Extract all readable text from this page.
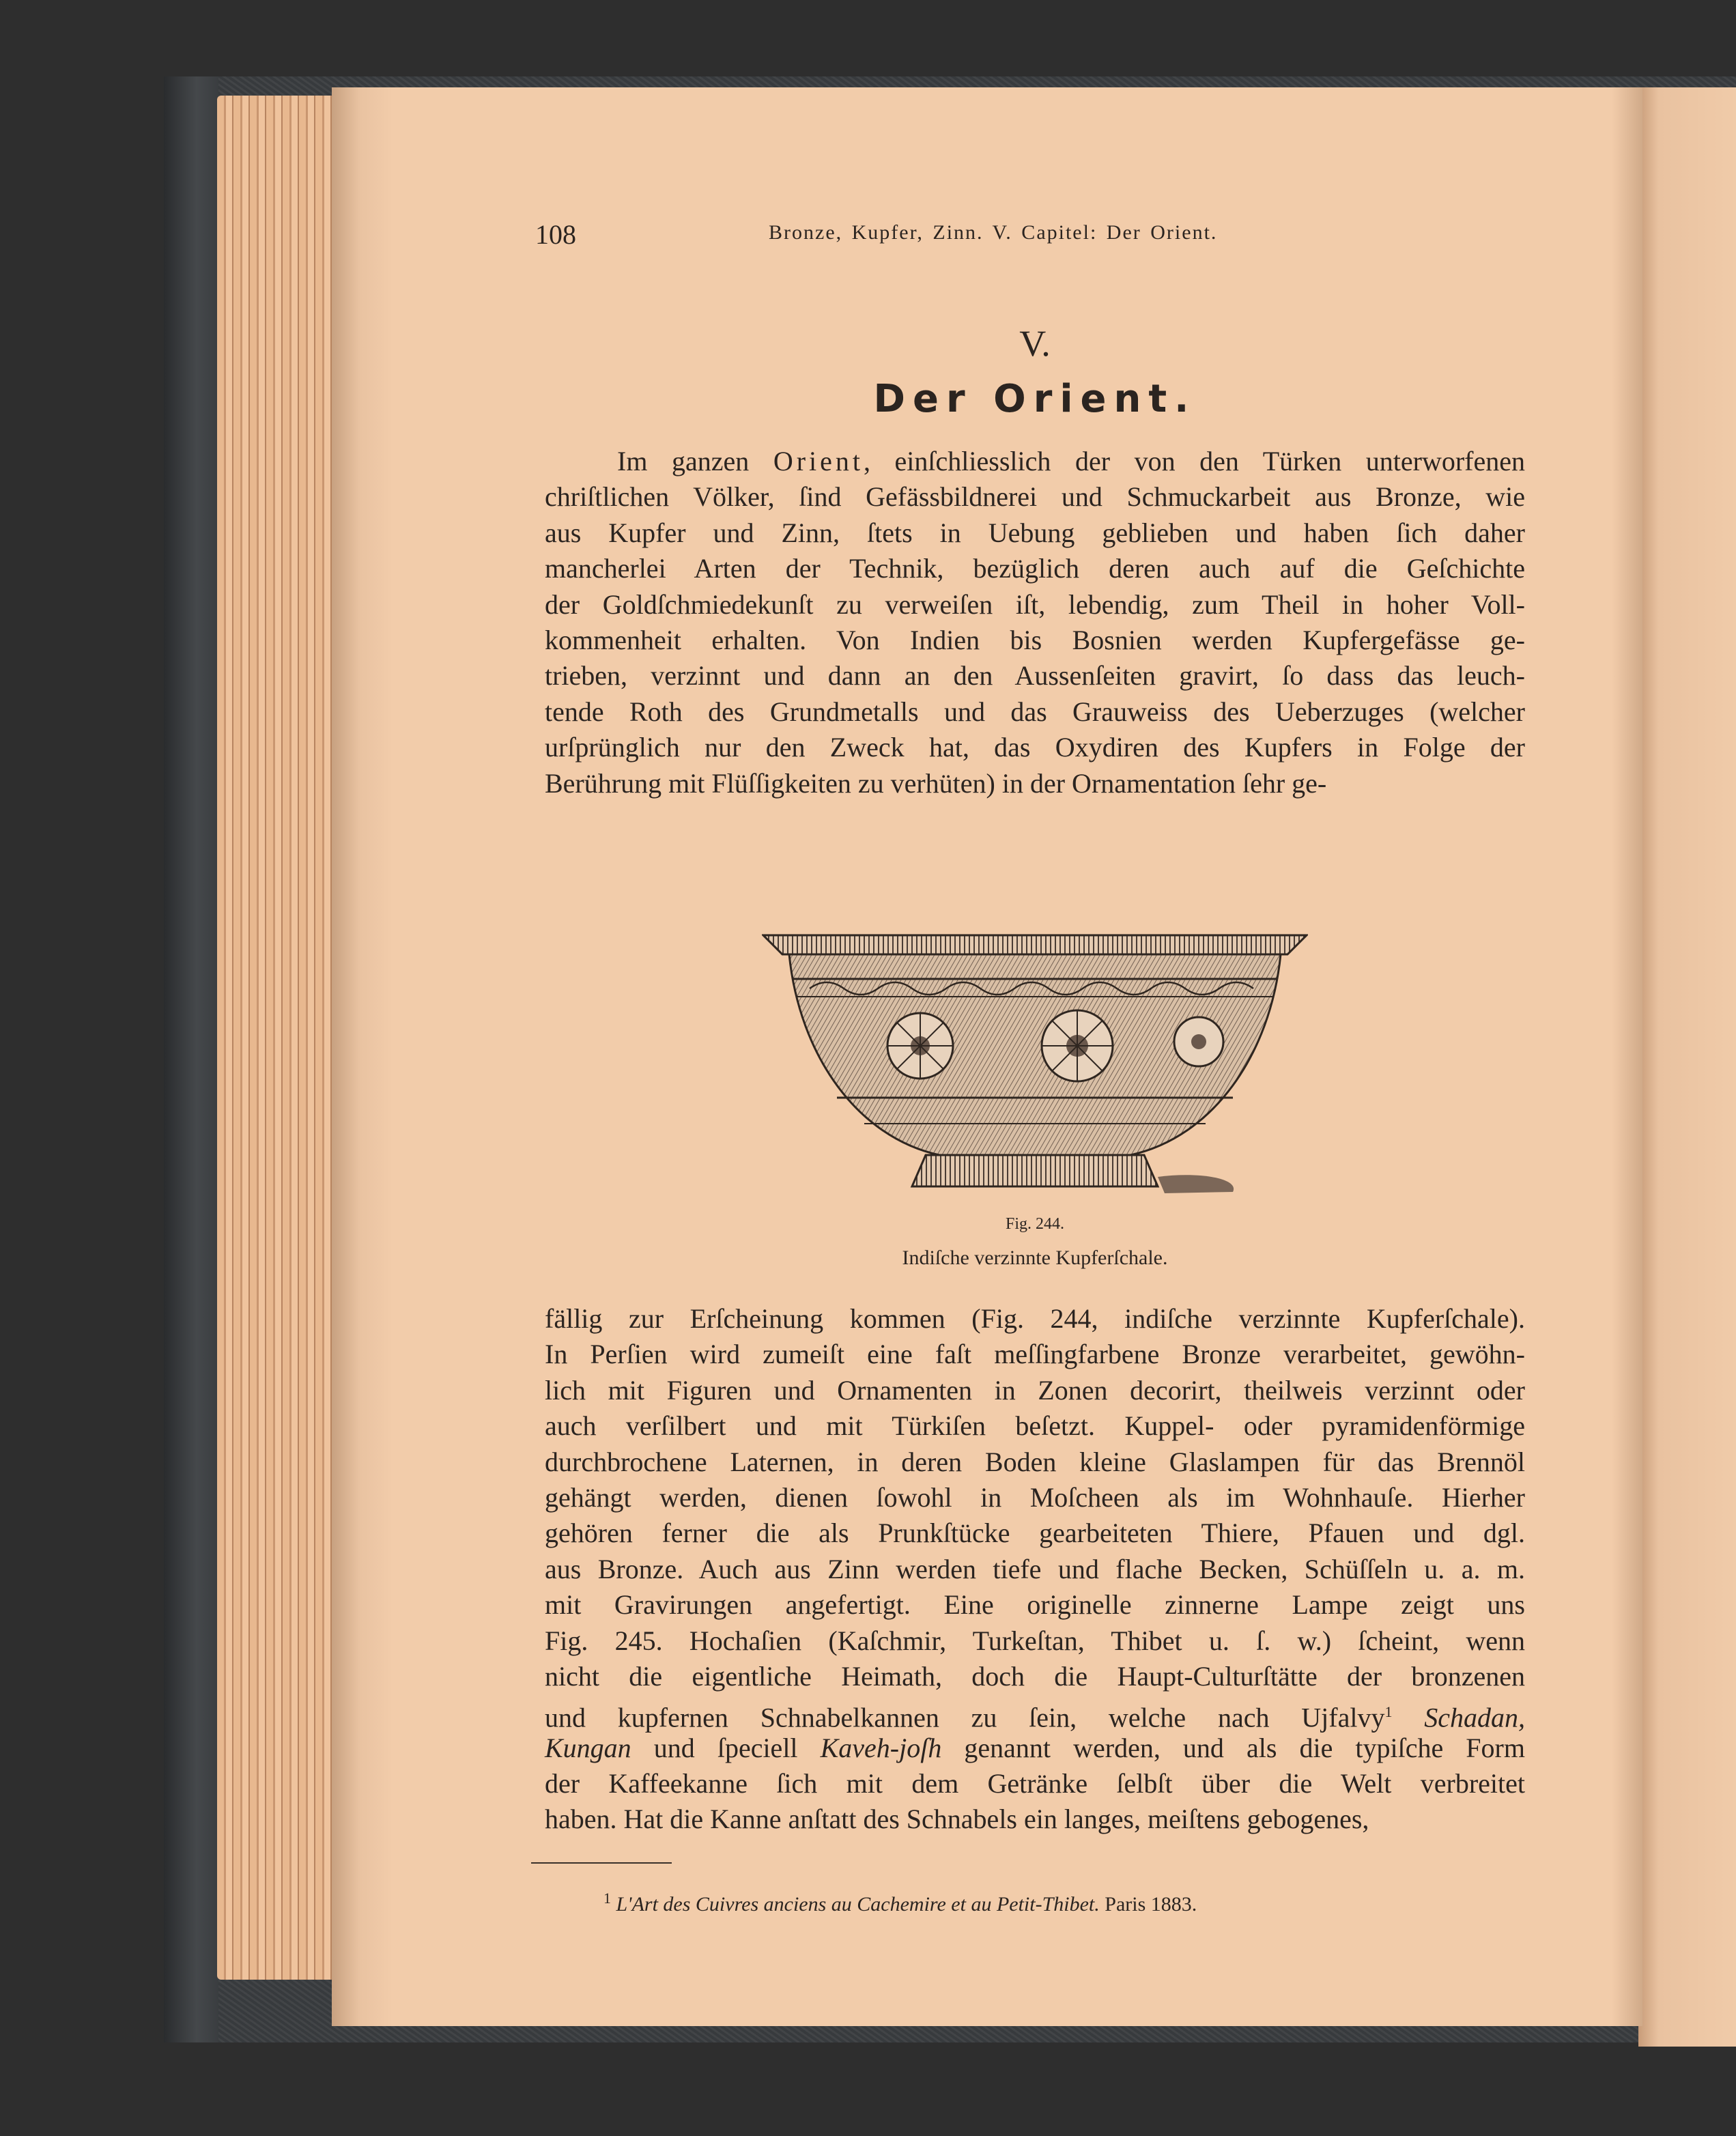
108	Bronze, Kupfer, Zinn. V. Capitel: Der Orient.
V.
Der Orient.

Im ganzen Orient, einſchliesslich der von den Türken unterworfenen

chriſtlichen Völker, ſind Gefässbildnerei und Schmuckarbeit aus Bronze, wie

aus Kupfer und Zinn, ſtets in Uebung geblieben und haben ſich daher

mancherlei Arten der Technik, bezüglich deren auch auf die Geſchichte

der Goldſchmiedekunſt zu verweiſen iſt, lebendig, zum Theil in hoher Voll-

kommenheit erhalten. Von Indien bis Bosnien werden Kupfergefässe ge-

trieben, verzinnt und dann an den Aussenſeiten gravirt, ſo dass das leuch-

tende Roth des Grundmetalls und das Grauweiss des Ueberzuges (welcher

urſprünglich nur den Zweck hat, das Oxydiren des Kupfers in Folge der

Berührung mit Flüſſigkeiten zu verhüten) in der Ornamentation ſehr ge-

Fig. 244.
Indiſche verzinnte Kupferſchale.

fällig zur Erſcheinung kommen (Fig. 244, indiſche verzinnte Kupferſchale).

In Perſien wird zumeiſt eine faſt meſſingfarbene Bronze verarbeitet, gewöhn-

lich mit Figuren und Ornamenten in Zonen decorirt, theilweis verzinnt oder

auch verſilbert und mit Türkiſen beſetzt. Kuppel- oder pyramidenförmige

durchbrochene Laternen, in deren Boden kleine Glaslampen für das Brennöl

gehängt werden, dienen ſowohl in Moſcheen als im Wohnhauſe. Hierher

gehören ferner die als Prunkſtücke gearbeiteten Thiere, Pfauen und dgl.

aus Bronze. Auch aus Zinn werden tiefe und flache Becken, Schüſſeln u. a. m.

mit Gravirungen angefertigt. Eine originelle zinnerne Lampe zeigt uns

Fig. 245. Hochaſien (Kaſchmir, Turkeſtan, Thibet u. ſ. w.) ſcheint, wenn

nicht die eigentliche Heimath, doch die Haupt-Culturſtätte der bronzenen

und kupfernen Schnabelkannen zu ſein, welche nach Ujfalvy$^1$ Schadan,

Kungan und ſpeciell Kaveh-joſh genannt werden, und als die typiſche Form

der Kaffeekanne ſich mit dem Getränke ſelbſt über die Welt verbreitet

haben. Hat die Kanne anſtatt des Schnabels ein langes, meiſtens gebogenes,

$^1$ L'Art des Cuivres anciens au Cachemire et au Petit-Thibet. Paris 1883.
